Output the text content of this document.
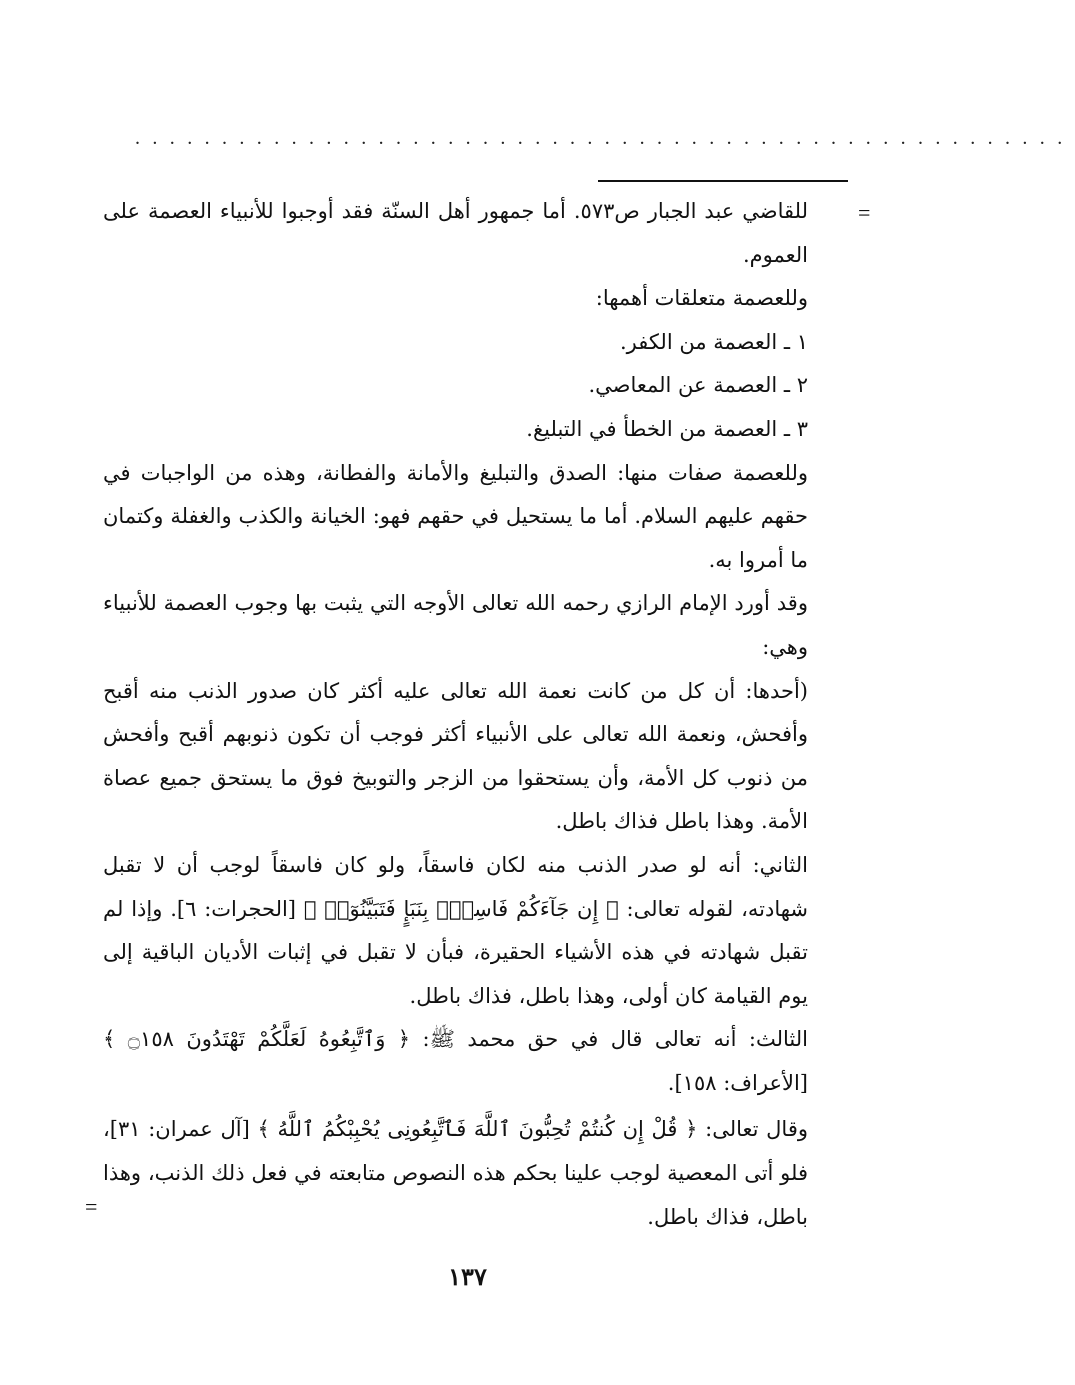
......................................................
=

للقاضي عبد الجبار ص٥٧٣. أما جمهور أهل السنّة فقد أوجبوا للأنبياء العصمة على العموم.

وللعصمة متعلقات أهمها:

١ ـ العصمة من الكفر.

٢ ـ العصمة عن المعاصي.

٣ ـ العصمة من الخطأ في التبليغ.

وللعصمة صفات منها: الصدق والتبليغ والأمانة والفطانة، وهذه من الواجبات في حقهم عليهم السلام. أما ما يستحيل في حقهم فهو: الخيانة والكذب والغفلة وكتمان ما أمروا به.

وقد أورد الإمام الرازي رحمه الله تعالى الأوجه التي يثبت بها وجوب العصمة للأنبياء وهي:

(أحدها: أن كل من كانت نعمة الله تعالى عليه أكثر كان صدور الذنب منه أقبح وأفحش، ونعمة الله تعالى على الأنبياء أكثر فوجب أن تكون ذنوبهم أقبح وأفحش من ذنوب كل الأمة، وأن يستحقوا من الزجر والتوبيخ فوق ما يستحق جميع عصاة الأمة. وهذا باطل فذاك باطل.

الثاني: أنه لو صدر الذنب منه لكان فاسقاً، ولو كان فاسقاً لوجب أن لا تقبل شهادته، لقوله تعالى: ﴿ إِن جَآءَكُمْ فَاسِقٌۢ بِنَبَإٍ فَتَبَيَّنُوٓا۟ ﴾ [الحجرات: ٦]. وإذا لم تقبل شهادته في هذه الأشياء الحقيرة، فبأن لا تقبل في إثبات الأديان الباقية إلى يوم القيامة كان أولى، وهذا باطل، فذاك باطل.

الثالث: أنه تعالى قال في حق محمد ﷺ: ﴿ وَٱتَّبِعُوهُ لَعَلَّكُمْ تَهْتَدُونَ ۝١٥٨ ﴾ [الأعراف: ١٥٨].

وقال تعالى: ﴿ قُلْ إِن كُنتُمْ تُحِبُّونَ ٱللَّهَ فَٱتَّبِعُونِى يُحْبِبْكُمُ ٱللَّهُ ﴾ [آل عمران: ٣١]، فلو أتى المعصية لوجب علينا بحكم هذه النصوص متابعته في فعل ذلك الذنب، وهذا باطل، فذاك باطل.

=
١٣٧
